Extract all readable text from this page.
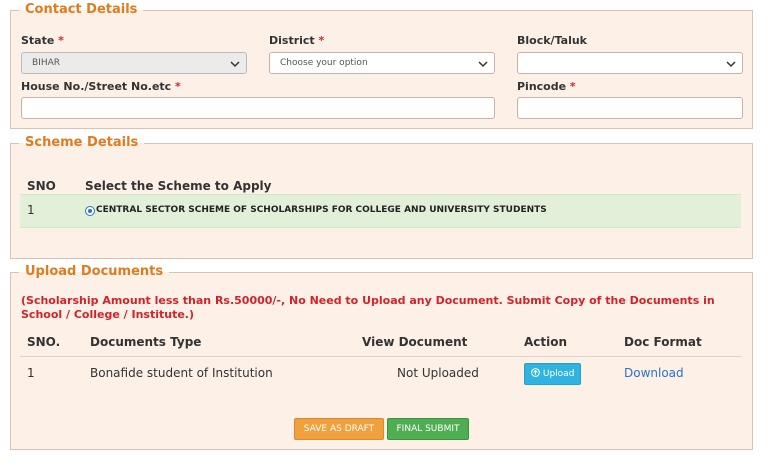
Contact Details
State *
BIHAR
District *
Choose your option
Block/Taluk
House No./Street No.etc *	Pincode *
Scheme Details
SNO Select the Scheme to Apply
1	CENTRAL SECTOR SCHEME OF SCHOLARSHIPS FOR COLLEGE AND UNIVERSITY STUDENTS
Upload Documents
(Scholarship Amount less than Rs.50000/-, No Need to Upload any Document. Submit Copy of the Documents in School / College / Institute.)
SNO. Documents Type	View Document	Action	Doc Format
1	Bonafide student of Institution	Not Uploaded	Upload	Download
SAVE AS DRAFT	FINAL SUBMIT
